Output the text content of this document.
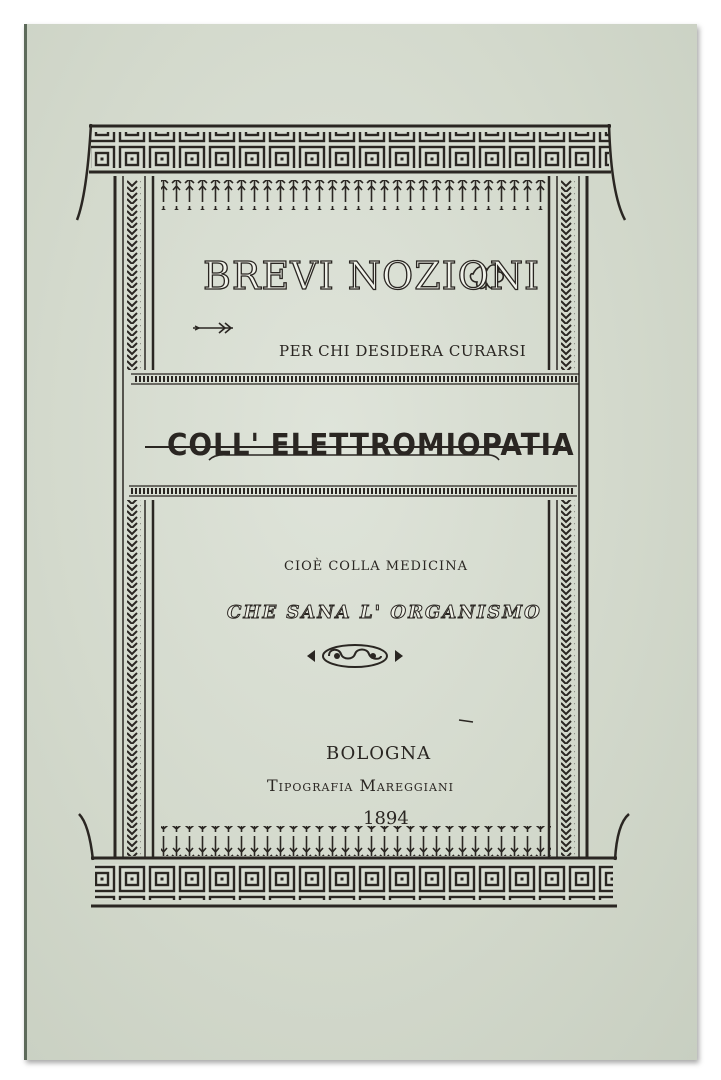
BREVI NOZIONI
PER CHI DESIDERA CURARSI
COLL' ELETTROMIOPATIA
CIOÈ COLLA MEDICINA
CHE SANA L' ORGANISMO
BOLOGNA
Tipografia Mareggiani
1894
